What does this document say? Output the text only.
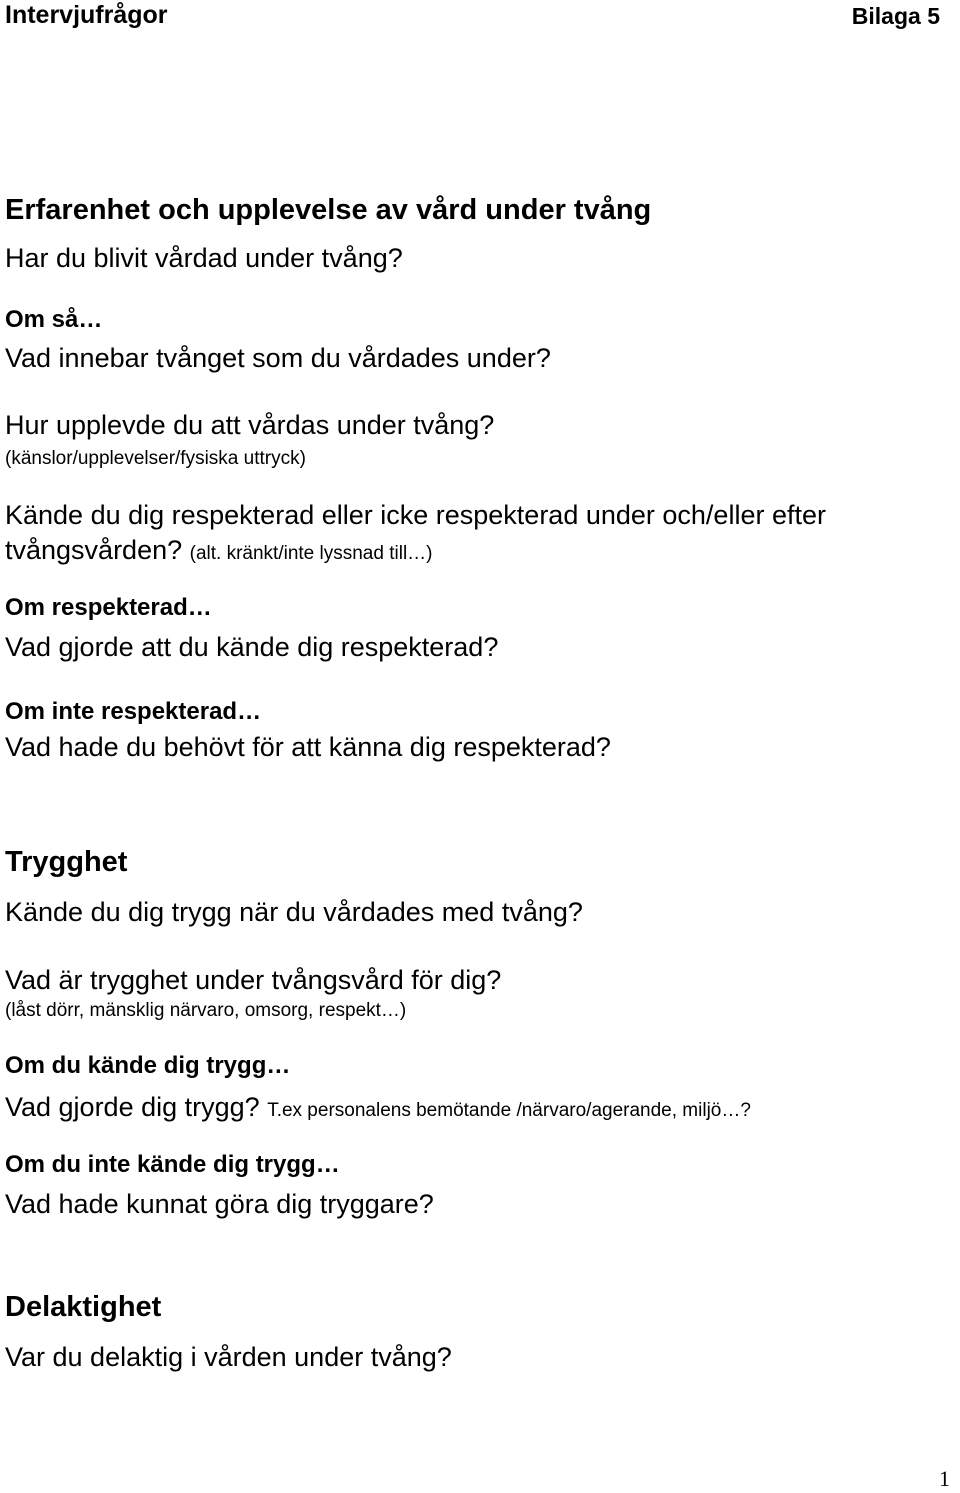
Intervjufrågor	Bilaga 5
Erfarenhet och upplevelse av vård under tvång
Har du blivit vårdad under tvång?
Om så…
Vad innebar tvånget som du vårdades under?
Hur upplevde du att vårdas under tvång?
(känslor/upplevelser/fysiska uttryck)
Kände du dig respekterad eller icke respekterad under och/eller efter
tvångsvården? (alt. kränkt/inte lyssnad till…)
Om respekterad…
Vad gjorde att du kände dig respekterad?
Om inte respekterad…
Vad hade du behövt för att känna dig respekterad?
Trygghet
Kände du dig trygg när du vårdades med tvång?
Vad är trygghet under tvångsvård för dig?
(låst dörr, mänsklig närvaro, omsorg, respekt…)
Om du kände dig trygg…
Vad gjorde dig trygg? T.ex personalens bemötande /närvaro/agerande, miljö…?
Om du inte kände dig trygg…
Vad hade kunnat göra dig tryggare?
Delaktighet
Var du delaktig i vården under tvång?
1
